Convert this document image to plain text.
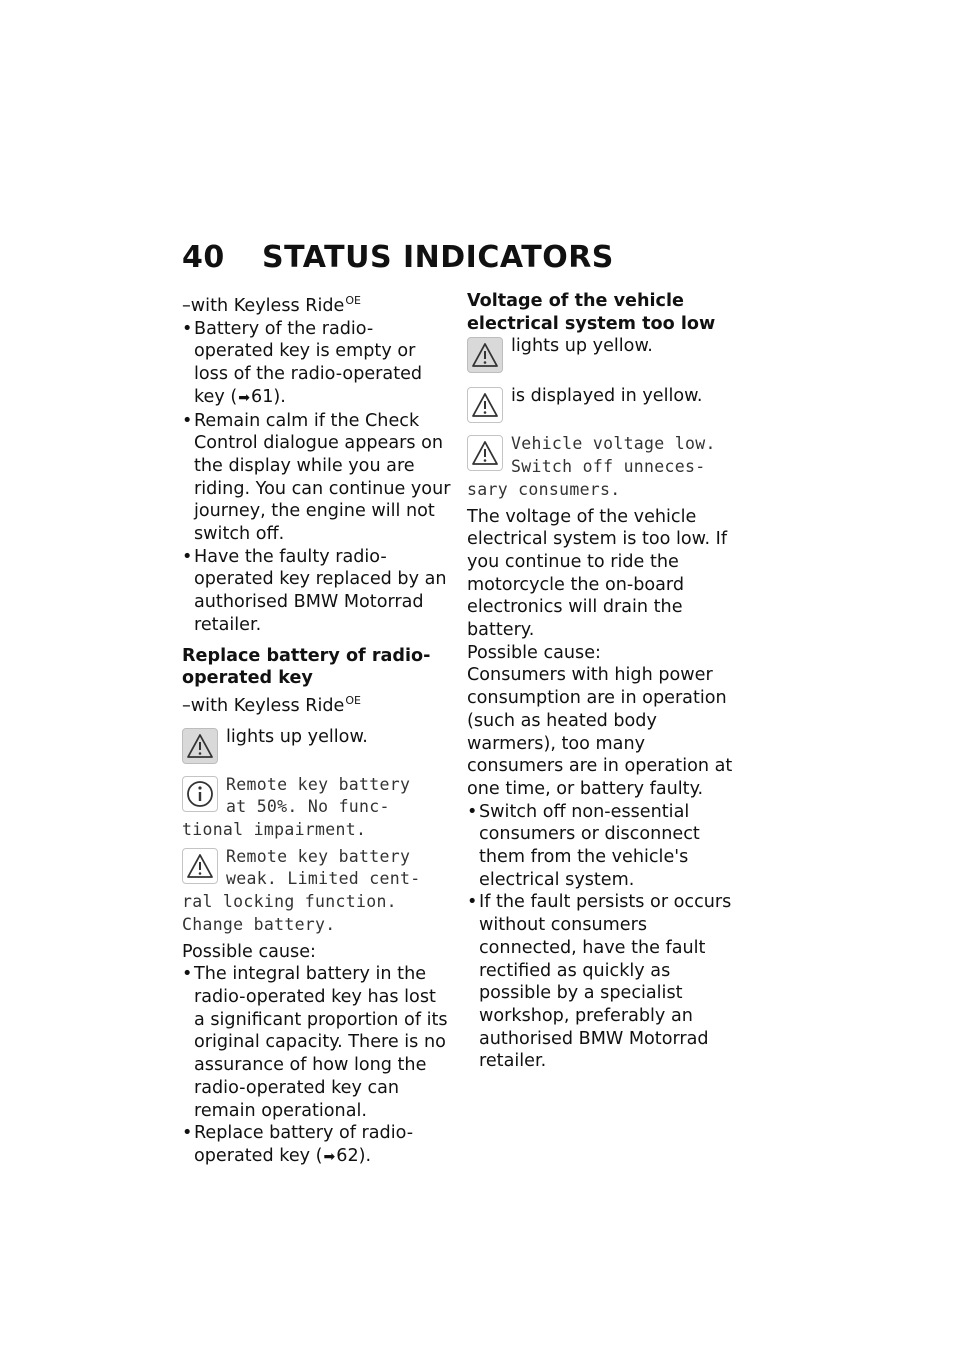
40 STATUS INDICATORS

–with Keyless Ride$^{OE}$

• Battery of the radio-operated key is empty or loss of the radio-operated key (➡61).

• Remain calm if the Check Control dialogue appears on the display while you are riding. You can continue your journey, the engine will not switch off.

• Have the faulty radio-operated key replaced by an authorised BMW Motorrad retailer.

Replace battery of radio-operated key

–with Keyless Ride$^{OE}$

lights up yellow.
Remote key battery
at 50%. No func-
tional impairment.
Remote key battery
weak. Limited cent-
ral locking function.
Change battery.

Possible cause:

• The integral battery in the radio-operated key has lost a significant proportion of its original capacity. There is no assurance of how long the radio-operated key can remain operational.

• Replace battery of radio-operated key (➡62).

Voltage of the vehicle electrical system too low

lights up yellow.
is displayed in yellow.
Vehicle voltage low.
Switch off unneces-
sary consumers.

The voltage of the vehicle electrical system is too low. If you continue to ride the motorcycle the on-board electronics will drain the battery.

Possible cause:

Consumers with high power consumption are in operation (such as heated body warmers), too many consumers are in operation at one time, or battery faulty.

• Switch off non-essential consumers or disconnect them from the vehicle's electrical system.

• If the fault persists or occurs without consumers connected, have the fault rectified as quickly as possible by a specialist workshop, preferably an authorised BMW Motorrad retailer.
